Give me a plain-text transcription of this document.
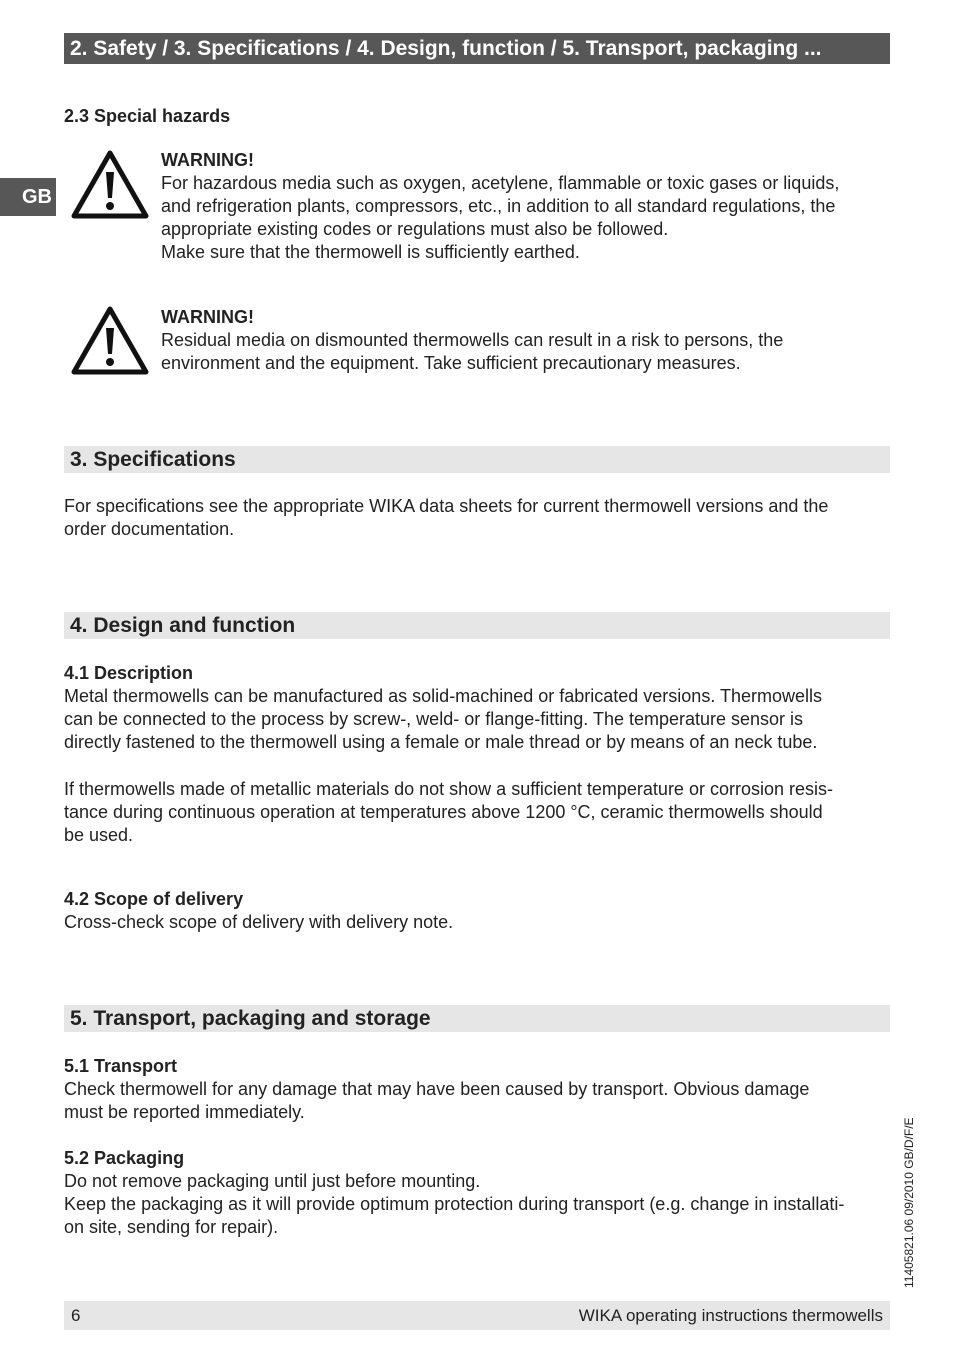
2. Safety / 3. Specifications / 4. Design, function / 5. Transport, packaging ...
GB
2.3 Special hazards
WARNING!

For hazardous media such as oxygen, acetylene, flammable or toxic gases or liquids,

and refrigeration plants, compressors, etc., in addition to all standard regulations, the

appropriate existing codes or regulations must also be followed.

Make sure that the thermowell is sufficiently earthed.

WARNING!

Residual media on dismounted thermowells can result in a risk to persons, the

environment and the equipment. Take sufficient precautionary measures.

3. Specifications

For specifications see the appropriate WIKA data sheets for current thermowell versions and the

order documentation.

4. Design and function
4.1 Description

Metal thermowells can be manufactured as solid-machined or fabricated versions. Thermowells

can be connected to the process by screw-, weld- or flange-fitting. The temperature sensor is

directly fastened to the thermowell using a female or male thread or by means of an neck tube.

If thermowells made of metallic materials do not show a sufficient temperature or corrosion resis-

tance during continuous operation at temperatures above 1200 °C, ceramic thermowells should

be used.

4.2 Scope of delivery

Cross-check scope of delivery with delivery note.

5. Transport, packaging and storage
5.1 Transport

Check thermowell for any damage that may have been caused by transport. Obvious damage

must be reported immediately.

5.2 Packaging

Do not remove packaging until just before mounting.

Keep the packaging as it will provide optimum protection during transport (e.g. change in installati-

on site, sending for repair).	11405821.06 09/2010 GB/D/F/E
6	WIKA operating instructions thermowells
